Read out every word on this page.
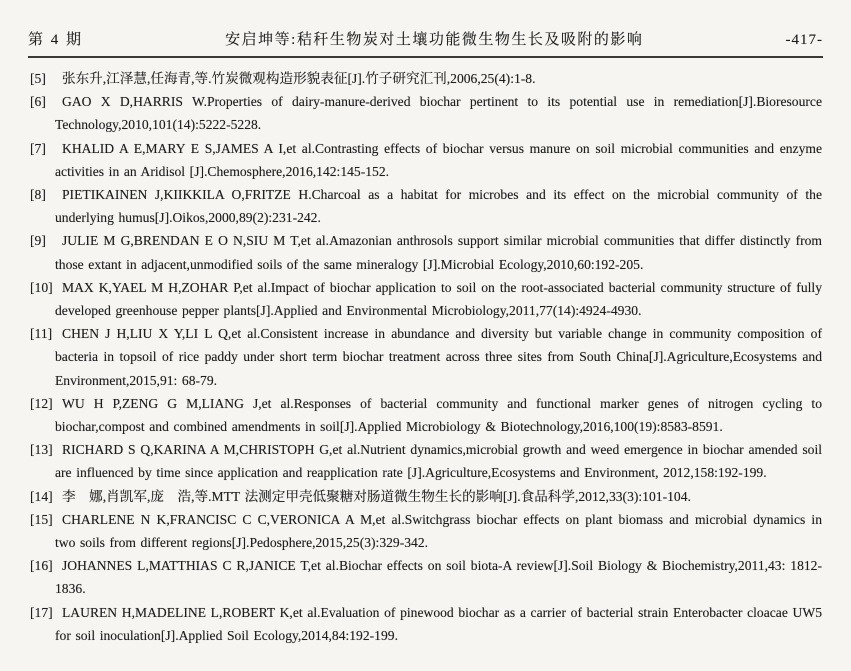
第 4 期	安启坤等:秸秆生物炭对土壤功能微生物生长及吸附的影响	-417-
[5] 张东升,江泽慧,任海青,等.竹炭微观构造形貌表征[J].竹子研究汇刊,2006,25(4):1-8.
[6] GAO X D,HARRIS W.Properties of dairy-manure-derived biochar pertinent to its potential use in remediation[J].Bioresource Technology,2010,101(14):5222-5228.
[7] KHALID A E,MARY E S,JAMES A I,et al.Contrasting effects of biochar versus manure on soil microbial communities and enzyme activities in an Aridisol [J].Chemosphere,2016,142:145-152.
[8] PIETIKAINEN J,KIIKKILA O,FRITZE H.Charcoal as a habitat for microbes and its effect on the microbial community of the underlying humus[J].Oikos,2000,89(2):231-242.
[9] JULIE M G,BRENDAN E O N,SIU M T,et al.Amazonian anthrosols support similar microbial communities that differ distinctly from those extant in adjacent,unmodified soils of the same mineralogy [J].Microbial Ecology,2010,60:192-205.
[10] MAX K,YAEL M H,ZOHAR P,et al.Impact of biochar application to soil on the root-associated bacterial community structure of fully developed greenhouse pepper plants[J].Applied and Environmental Microbiology,2011,77(14):4924-4930.
[11] CHEN J H,LIU X Y,LI L Q,et al.Consistent increase in abundance and diversity but variable change in community composition of bacteria in topsoil of rice paddy under short term biochar treatment across three sites from South China[J].Agriculture,Ecosystems and Environment,2015,91: 68-79.
[12] WU H P,ZENG G M,LIANG J,et al.Responses of bacterial community and functional marker genes of nitrogen cycling to biochar,compost and combined amendments in soil[J].Applied Microbiology & Biotechnology,2016,100(19):8583-8591.
[13] RICHARD S Q,KARINA A M,CHRISTOPH G,et al.Nutrient dynamics,microbial growth and weed emergence in biochar amended soil are influenced by time since application and reapplication rate [J].Agriculture,Ecosystems and Environment, 2012,158:192-199.
[14] 李　娜,肖凯军,庞　浩,等.MTT 法测定甲壳低聚糖对肠道微生物生长的影响[J].食品科学,2012,33(3):101-104.
[15] CHARLENE N K,FRANCISC C C,VERONICA A M,et al.Switchgrass biochar effects on plant biomass and microbial dynamics in two soils from different regions[J].Pedosphere,2015,25(3):329-342.
[16] JOHANNES L,MATTHIAS C R,JANICE T,et al.Biochar effects on soil biota-A review[J].Soil Biology & Biochemistry,2011,43: 1812-1836.
[17] LAUREN H,MADELINE L,ROBERT K,et al.Evaluation of pinewood biochar as a carrier of bacterial strain Enterobacter cloacae UW5 for soil inoculation[J].Applied Soil Ecology,2014,84:192-199.
